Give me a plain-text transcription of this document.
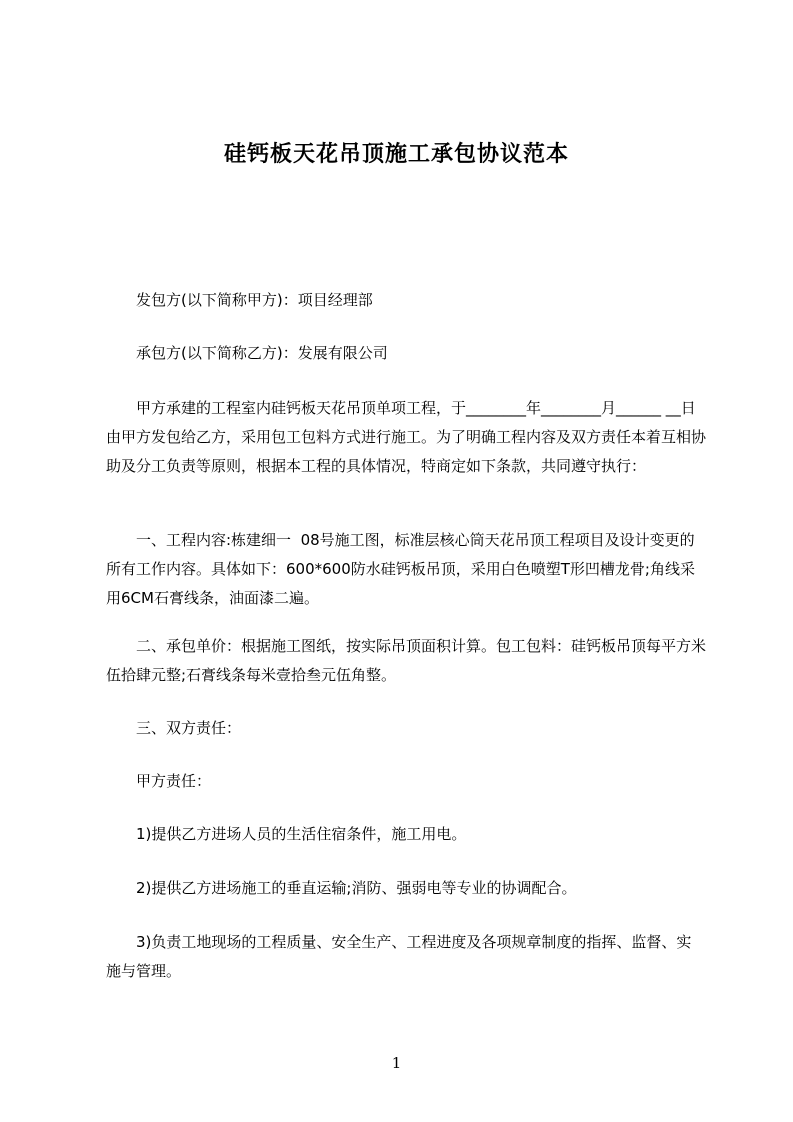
硅钙板天花吊顶施工承包协议范本
发包方(以下简称甲方)：项目经理部
承包方(以下简称乙方)：发展有限公司
甲方承建的工程室内硅钙板天花吊顶单项工程，于________年________月______ __日由甲方发包给乙方，采用包工包料方式进行施工。为了明确工程内容及双方责任本着互相协助及分工负责等原则，根据本工程的具体情况，特商定如下条款，共同遵守执行：
一、工程内容:栋建细一  08号施工图，标准层核心筒天花吊顶工程项目及设计变更的所有工作内容。具体如下：600*600防水硅钙板吊顶，采用白色喷塑T形凹槽龙骨;角线采用6CM石膏线条，油面漆二遍。
二、承包单价：根据施工图纸，按实际吊顶面积计算。包工包料：硅钙板吊顶每平方米伍拾肆元整;石膏线条每米壹拾叁元伍角整。
三、双方责任：
甲方责任：
1)提供乙方进场人员的生活住宿条件，施工用电。
2)提供乙方进场施工的垂直运输;消防、强弱电等专业的协调配合。
3)负责工地现场的工程质量、安全生产、工程进度及各项规章制度的指挥、监督、实施与管理。
1
